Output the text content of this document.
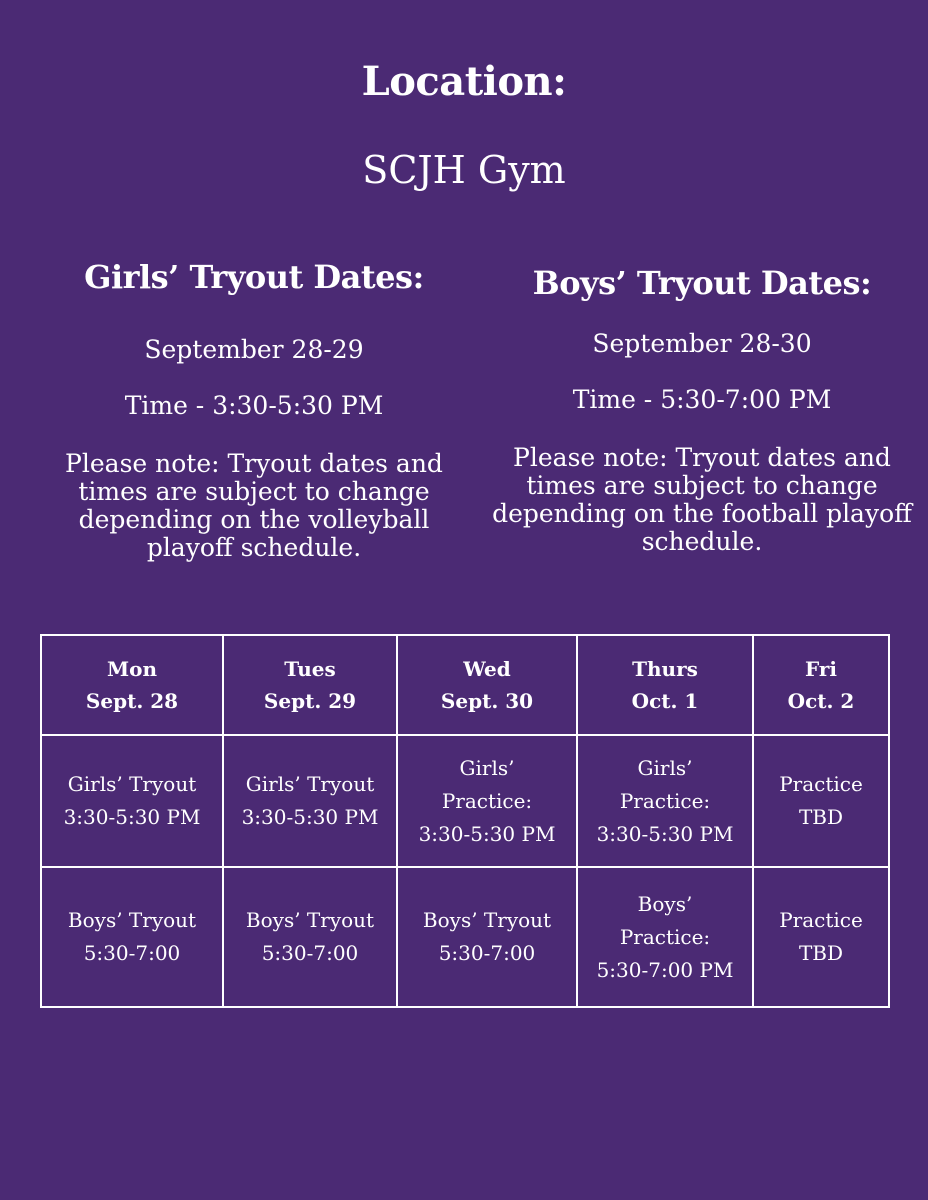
Location:

SCJH Gym

Girls’ Tryout Dates:

September 28-29

Time - 3:30-5:30 PM

Please note: Tryout dates and times are subject to change depending on the volleyball playoff schedule.

Boys’ Tryout Dates:

September 28-30

Time - 5:30-7:00 PM

Please note: Tryout dates and times are subject to change depending on the football playoff schedule.

Mon
Sept. 28	Tues
Sept. 29	Wed
Sept. 30	Thurs
Oct. 1	Fri
Oct. 2

Girls’ Tryout
3:30-5:30 PM	Girls’ Tryout
3:30-5:30 PM	Girls’
Practice:
3:30-5:30 PM	Girls’
Practice:
3:30-5:30 PM	Practice
TBD

Boys’ Tryout
5:30-7:00	Boys’ Tryout
5:30-7:00	Boys’ Tryout
5:30-7:00	Boys’
Practice:
5:30-7:00 PM	Practice
TBD
